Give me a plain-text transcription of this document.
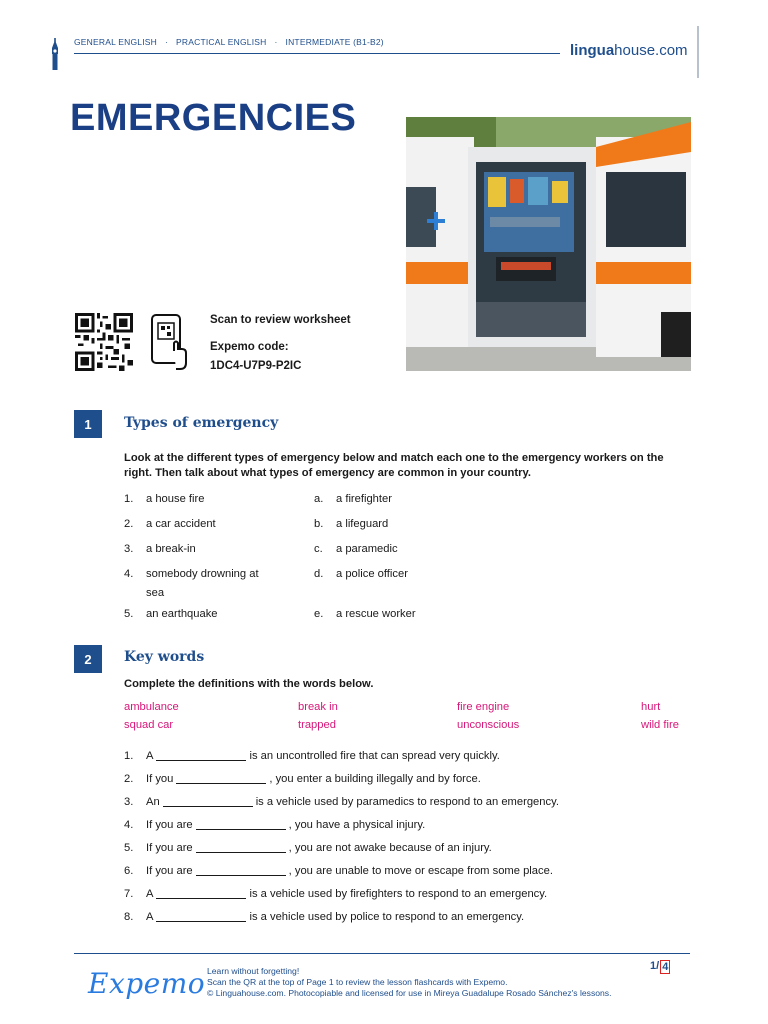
GENERAL ENGLISH · PRACTICAL ENGLISH · INTERMEDIATE (B1-B2)	linguahouse.com
EMERGENCIES
Scan to review worksheet
Expemo code:
1DC4-U7P9-P2IC
1	Types of emergency
Look at the different types of emergency below and match each one to the emergency workers on the right. Then talk about what types of emergency are common in your country.
1.	a house fire
2.	a car accident
3.	a break-in
4.	somebody drowning at
sea
5.	an earthquake
a.	a firefighter
b.	a lifeguard
c.	a paramedic
d.	a police officer
e.	a rescue worker
2	Key words
Complete the definitions with the words below.
ambulance	break in	fire engine	hurt
squad car	trapped	unconscious	wild fire
1.	A	is an uncontrolled fire that can spread very quickly.
2.	If you	, you enter a building illegally and by force.
3.	An	is a vehicle used by paramedics to respond to an emergency.
4.	If you are	, you have a physical injury.
5.	If you are	, you are not awake because of an injury.
6.	If you are	, you are unable to move or escape from some place.
7.	A	is a vehicle used by firefighters to respond to an emergency.
8.	A	is a vehicle used by police to respond to an emergency.
Expemo Learn without forgetting!
Scan the QR at the top of Page 1 to review the lesson flashcards with Expemo.
© Linguahouse.com. Photocopiable and licensed for use in Mireya Guadalupe Rosado Sánchez's lessons.
1/ 4
